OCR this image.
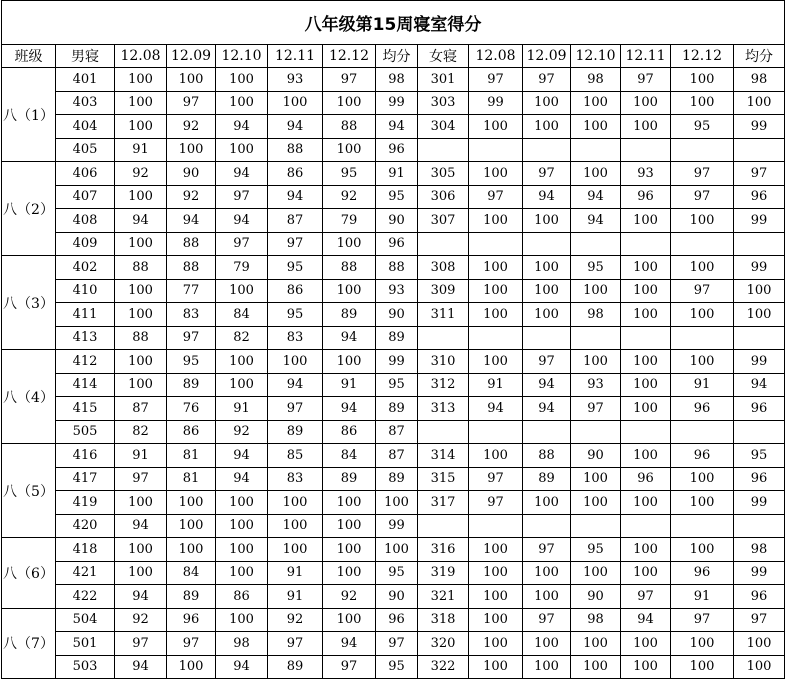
八年级第15周寝室得分														
班级	男寝	12.08	12.09	12.10	12.11	12.12	均分	女寝	12.08	12.09	12.10	12.11	12.12	均分
八（1）	401	100	100	100	93	97	98	301	97	97	98	97	100	98
	403	100	97	100	100	100	99	303	99	100	100	100	100	100
	404	100	92	94	94	88	94	304	100	100	100	100	95	99
	405	91	100	100	88	100	96							
八（2）	406	92	90	94	86	95	91	305	100	97	100	93	97	97
	407	100	92	97	94	92	95	306	97	94	94	96	97	96
	408	94	94	94	87	79	90	307	100	100	94	100	100	99
	409	100	88	97	97	100	96							
八（3）	402	88	88	79	95	88	88	308	100	100	95	100	100	99
	410	100	77	100	86	100	93	309	100	100	100	100	97	100
	411	100	83	84	95	89	90	311	100	100	98	100	100	100
	413	88	97	82	83	94	89							
八（4）	412	100	95	100	100	100	99	310	100	97	100	100	100	99
	414	100	89	100	94	91	95	312	91	94	93	100	91	94
	415	87	76	91	97	94	89	313	94	94	97	100	96	96
	505	82	86	92	89	86	87							
八（5）	416	91	81	94	85	84	87	314	100	88	90	100	96	95
	417	97	81	94	83	89	89	315	97	89	100	96	100	96
	419	100	100	100	100	100	100	317	97	100	100	100	100	99
	420	94	100	100	100	100	99							
八（6）	418	100	100	100	100	100	100	316	100	97	95	100	100	98
	421	100	84	100	91	100	95	319	100	100	100	100	96	99
	422	94	89	86	91	92	90	321	100	100	90	97	91	96
八（7）	504	92	96	100	92	100	96	318	100	97	98	94	97	97
	501	97	97	98	97	94	97	320	100	100	100	100	100	100
	503	94	100	94	89	97	95	322	100	100	100	100	100	100
